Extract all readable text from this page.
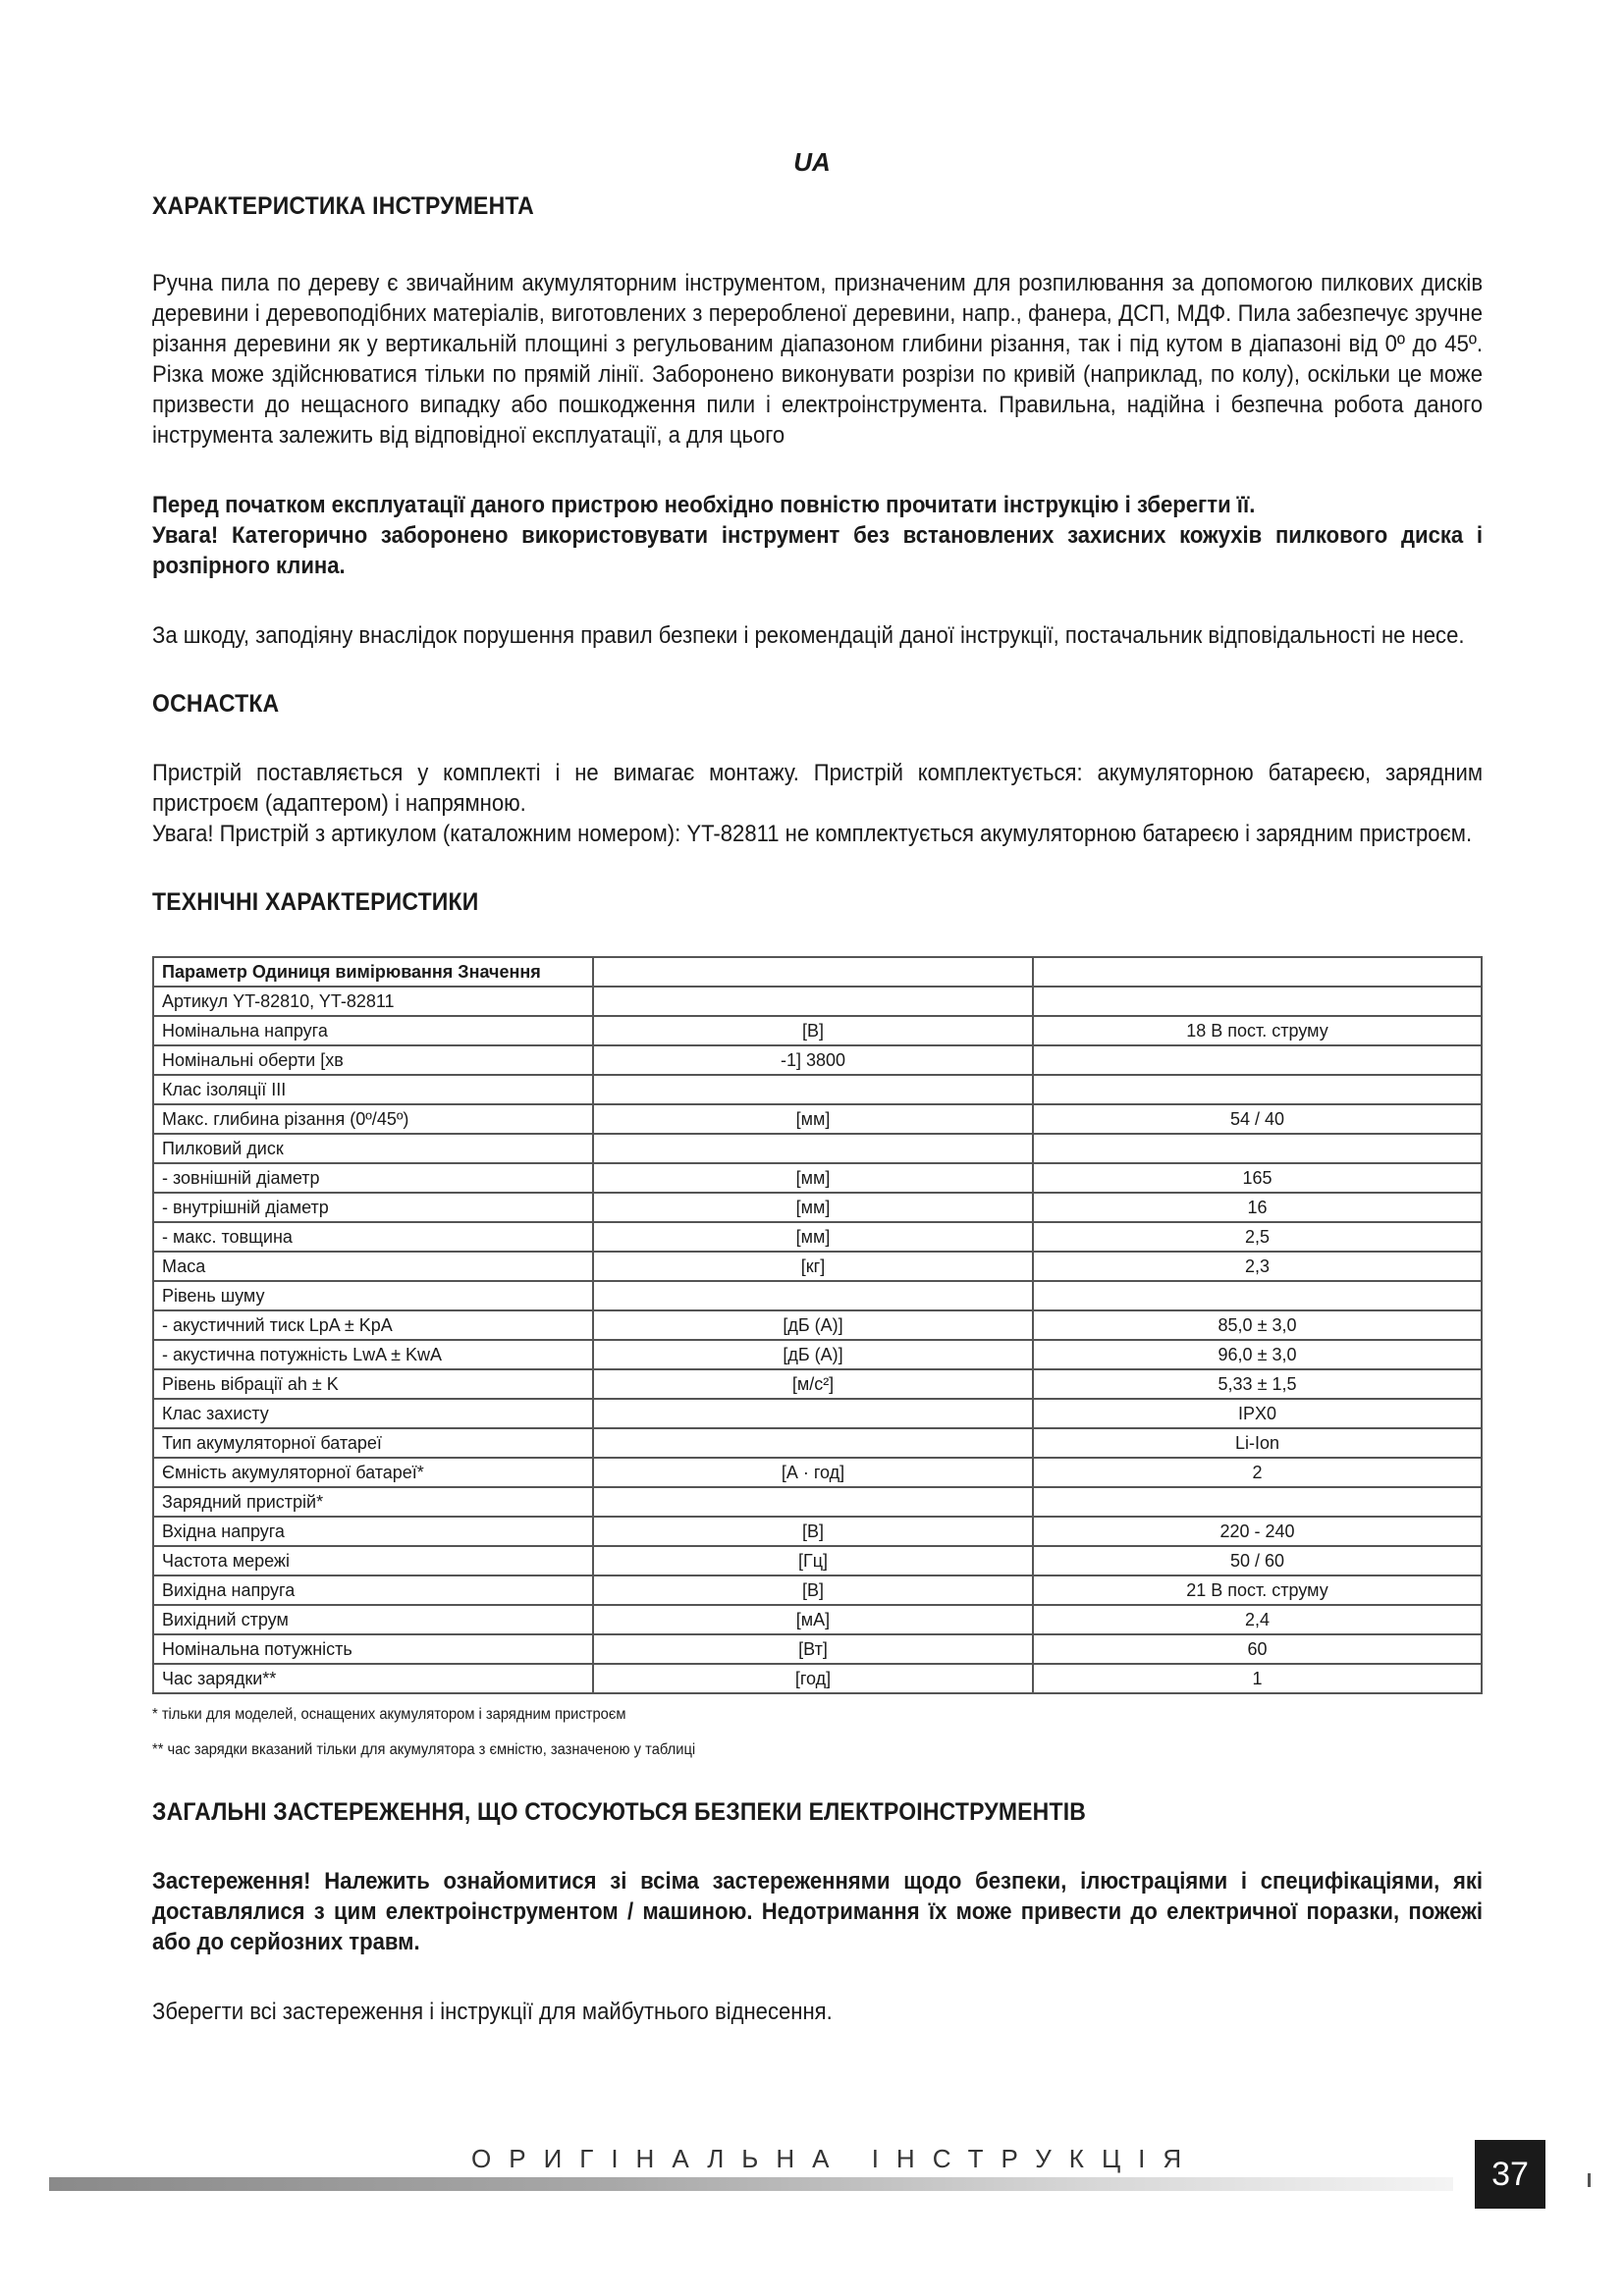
UA
ХАРАКТЕРИСТИКА ІНСТРУМЕНТА

Ручна пила по дереву є звичайним акумуляторним інструментом, призначеним для розпилювання за допомогою пилкових дисків деревини і деревоподібних матеріалів, виготовлених з переробленої деревини, напр., фанера, ДСП, МДФ. Пила забезпечує зручне різання деревини як у вертикальній площині з регульованим діапазоном глибини різання, так і під кутом в діапазоні від 0º до 45º. Різка може здійснюватися тільки по прямій лінії. Заборонено виконувати розрізи по кривій (наприклад, по колу), оскільки це може призвести до нещасного випадку або пошкодження пили і електроінструмента. Правильна, надійна і безпечна робота даного інструмента залежить від відповідної експлуатації, а для цього

Перед початком експлуатації даного пристрою необхідно повністю прочитати інструкцію і зберегти її.

Увага! Категорично заборонено використовувати інструмент без встановлених захисних кожухів пилкового диска і розпірного клина.

За шкоду, заподіяну внаслідок порушення правил безпеки і рекомендацій даної інструкції, постачальник відповідальності не несе.

ОСНАСТКА

Пристрій поставляється у комплекті і не вимагає монтажу. Пристрій комплектується: акумуляторною батареєю, зарядним пристроєм (адаптером) і напрямною.

Увага! Пристрій з артикулом (каталожним номером): YT-82811 не комплектується акумуляторною батареєю і зарядним пристроєм.

ТЕХНІЧНІ ХАРАКТЕРИСТИКИ
Параметр Одиниця вимірювання Значення		
Артикул YT-82810, YT-82811		
Номінальна напруга	[В]	18 В пост. струму
Номінальні оберти [хв	-1] 3800	
Клас ізоляції III		
Макс. глибина різання (0º/45º)	[мм]	54 / 40
Пилковий диск		
- зовнішній діаметр	[мм]	165
- внутрішній діаметр	[мм]	16
- макс. товщина	[мм]	2,5
Маса	[кг]	2,3
Рівень шуму		
- акустичний тиск LpA ± KpA	[дБ (А)]	85,0 ± 3,0
- акустична потужність LwA ± KwA	[дБ (А)]	96,0 ± 3,0
Рівень вібрації ah ± K	[м/с²]	5,33 ± 1,5
Клас захисту		IPX0
Тип акумуляторної батареї		Li-Ion
Ємність акумуляторної батареї*	[А · год]	2
Зарядний пристрій*		
Вхідна напруга	[В]	220 - 240
Частота мережі	[Гц]	50 / 60
Вихідна напруга	[В]	21 В пост. струму
Вихідний струм	[мА]	2,4
Номінальна потужність	[Вт]	60
Час зарядки**	[год]	1
* тільки для моделей, оснащених акумулятором і зарядним пристроєм
** час зарядки вказаний тільки для акумулятора з ємністю, зазначеною у таблиці
ЗАГАЛЬНІ ЗАСТЕРЕЖЕННЯ, ЩО СТОСУЮТЬСЯ БЕЗПЕКИ ЕЛЕКТРОІНСТРУМЕНТІВ

Застереження! Належить ознайомитися зі всіма застереженнями щодо безпеки, ілюстраціями і специфікаціями, які доставлялися з цим електроінструментом / машиною. Недотримання їх може привести до електричної поразки, пожежі або до серйозних травм.

Зберегти всі застереження і інструкції для майбутнього віднесення.

ОРИГІНАЛЬНА ІНСТРУКЦІЯ	37
